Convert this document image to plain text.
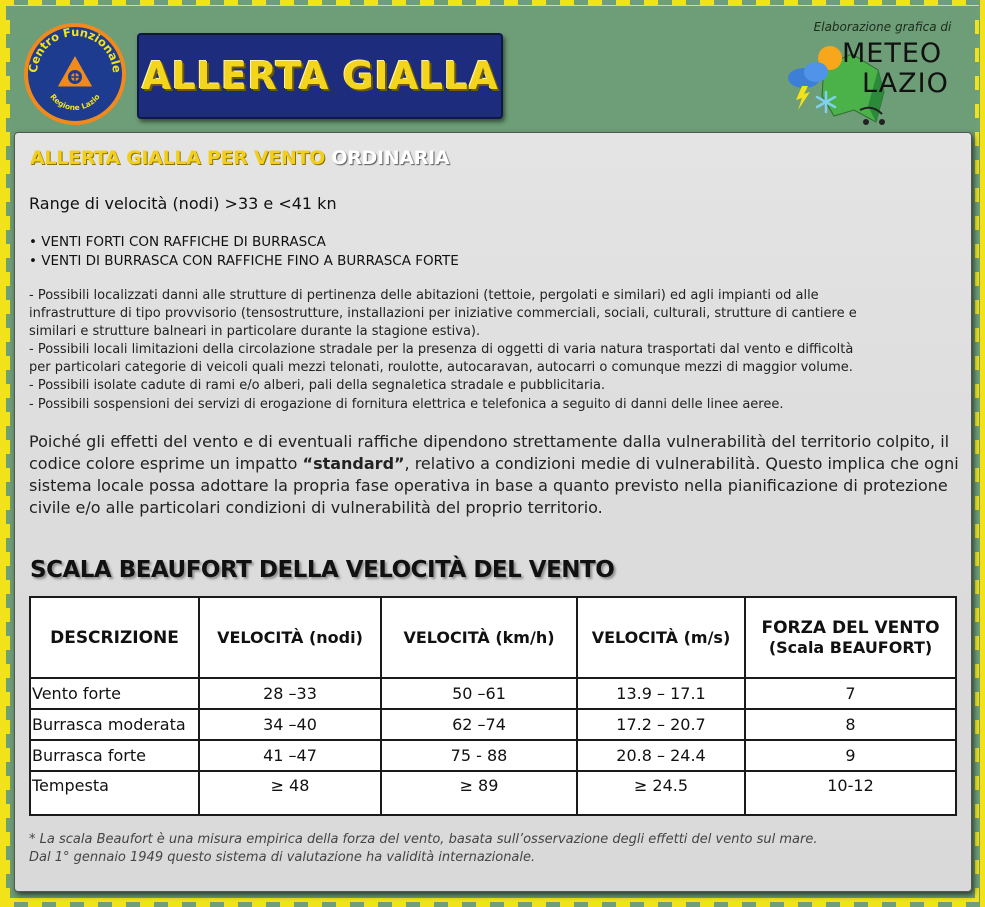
Centro Funzionale
Regione Lazio ALLERTA GIALLA
Elaborazione grafica di
METEO
LAZIO
ALLERTA GIALLA PER VENTO ORDINARIA
Range di velocità (nodi) >33 e <41 kn
• VENTI FORTI CON RAFFICHE DI BURRASCA
• VENTI DI BURRASCA CON RAFFICHE FINO A BURRASCA FORTE
- Possibili localizzati danni alle strutture di pertinenza delle abitazioni (tettoie, pergolati e similari) ed agli impianti od alle
infrastrutture di tipo provvisorio (tensostrutture, installazioni per iniziative commerciali, sociali, culturali, strutture di cantiere e
similari e strutture balneari in particolare durante la stagione estiva).
- Possibili locali limitazioni della circolazione stradale per la presenza di oggetti di varia natura trasportati dal vento e difficoltà
per particolari categorie di veicoli quali mezzi telonati, roulotte, autocaravan, autocarri o comunque mezzi di maggior volume.
- Possibili isolate cadute di rami e/o alberi, pali della segnaletica stradale e pubblicitaria.
- Possibili sospensioni dei servizi di erogazione di fornitura elettrica e telefonica a seguito di danni delle linee aeree.
Poiché gli effetti del vento e di eventuali raffiche dipendono strettamente dalla vulnerabilità del territorio colpito, il codice colore esprime un impatto “standard”, relativo a condizioni medie di vulnerabilità. Questo implica che ogni sistema locale possa adottare la propria fase operativa in base a quanto previsto nella pianificazione di protezione civile e/o alle particolari condizioni di vulnerabilità del proprio territorio.
SCALA BEAUFORT DELLA VELOCITÀ DEL VENTO
DESCRIZIONE	VELOCITÀ (nodi)	VELOCITÀ (km/h)	VELOCITÀ (m/s)	FORZA DEL VENTO
(Scala BEAUFORT)

Vento forte	28 –33	50 –61	13.9 – 17.1	7
Burrasca moderata	34 –40	62 –74	17.2 – 20.7	8
Burrasca forte	41 –47	75 - 88	20.8 – 24.4	9
Tempesta	≥ 48	≥ 89	≥ 24.5	10-12
* La scala Beaufort è una misura empirica della forza del vento, basata sull’osservazione degli effetti del vento sul mare.
Dal 1° gennaio 1949 questo sistema di valutazione ha validità internazionale.
